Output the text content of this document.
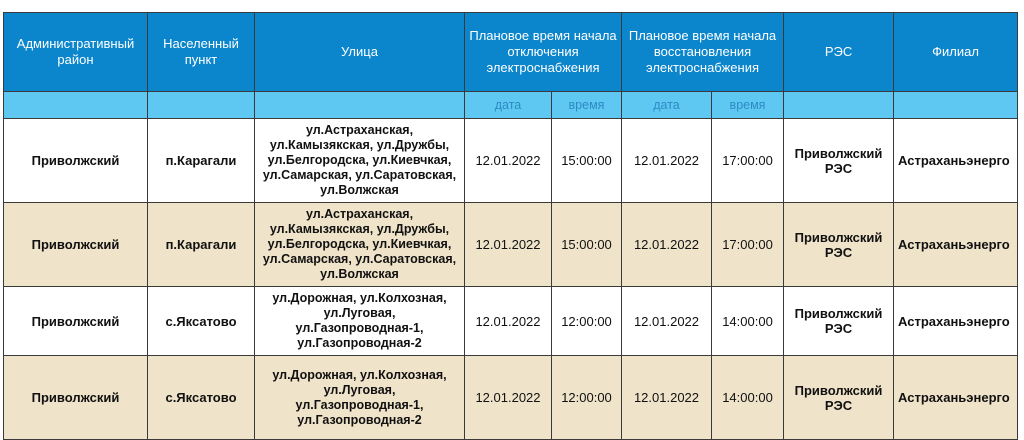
Административный район	Населенный пункт	Улица	Плановое время начала отключения электроснабжения		Плановое время начала восстановления электроснабжения		РЭС	Филиал
			дата	время	дата	время		
Приволжский	п.Карагали	ул.Астраханская, ул.Камызякская, ул.Дружбы, ул.Белгородска, ул.Киевчкая, ул.Самарская, ул.Саратовская, ул.Волжская	12.01.2022	15:00:00	12.01.2022	17:00:00	Приволжский РЭС	Астраханьэнерго
Приволжский	п.Карагали	ул.Астраханская, ул.Камызякская, ул.Дружбы, ул.Белгородска, ул.Киевчкая, ул.Самарская, ул.Саратовская, ул.Волжская	12.01.2022	15:00:00	12.01.2022	17:00:00	Приволжский РЭС	Астраханьэнерго
Приволжский	с.Яксатово	ул.Дорожная, ул.Колхозная, ул.Луговая, ул.Газопроводная-1, ул.Газопроводная-2	12.01.2022	12:00:00	12.01.2022	14:00:00	Приволжский РЭС	Астраханьэнерго
Приволжский	с.Яксатово	ул.Дорожная, ул.Колхозная, ул.Луговая, ул.Газопроводная-1, ул.Газопроводная-2	12.01.2022	12:00:00	12.01.2022	14:00:00	Приволжский РЭС	Астраханьэнерго
